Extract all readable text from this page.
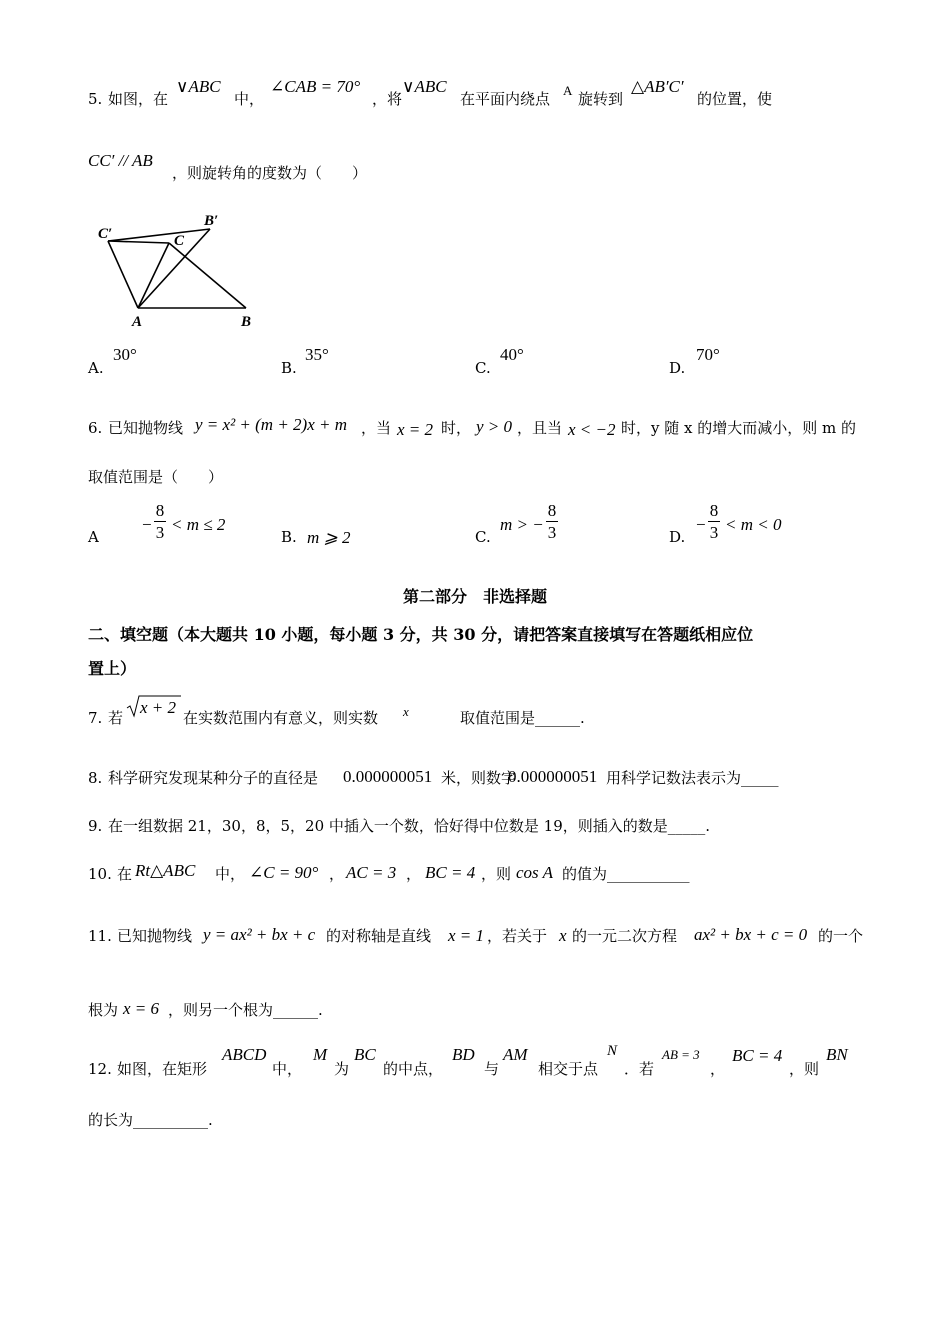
5. 如图，在
∨ABC
中，
∠CAB = 70°
，将
∨ABC
在平面内绕点 A 旋转到
△AB′C′
的位置，使
CC′ // AB
，则旋转角的度数为（　　）
C′
B′
C
A	B
A.
30°
B.
35°
C.
40°
D.
70°
6. 已知抛物线 y = x² + (m + 2)x + m ，当 x = 2 时， y > 0 ，且当 x < −2 时，y 随 x 的增大而减小，则 m 的
取值范围是（　　）
A
−
8
3 < m ≤ 2
B. m ⩾ 2	C.
m > −
8
3	D.
−
8
3 < m < 0
第二部分　非选择题
二、填空题（本大题共 10 小题，每小题 3 分，共 30 分，请把答案直接填写在答题纸相应位
置上）
7. 若
x + 2
在实数范围内有意义，则实数 x	取值范围是______.
8. 科学研究发现某种分子的直径是 0.000000051 米，则数字
0.000000051 用科学记数法表示为_____
9. 在一组数据 21，30，8，5，20 中插入一个数，恰好得中位数是 19，则插入的数是_____.
10. 在 Rt△ABC 中， ∠C = 90° ， AC = 3 ， BC = 4 ，则 cos A 的值为___________
11. 已知抛物线 y = ax² + bx + c 的对称轴是直线 x = 1 ，若关于 x 的一元二次方程 ax² + bx + c = 0 的一个
根为 x = 6 ，则另一个根为______.
12. 如图，在矩形
ABCD
中，
M
为
BC
的中点，
BD
与
AM
相交于点
N
．若
AB = 3
，
BC = 4
，则
BN
的长为__________.
